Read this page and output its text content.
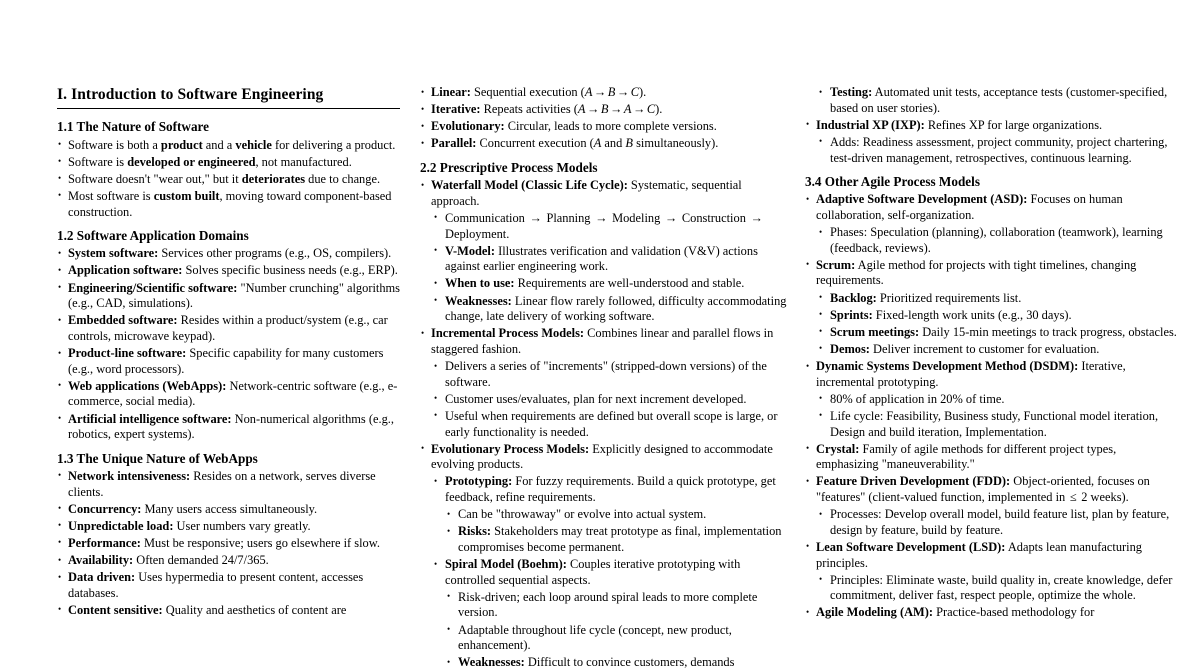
I. Introduction to Software Engineering
1.1 The Nature of Software
• Software is both a product and a vehicle for delivering a product.
• Software is developed or engineered, not manufactured.
• Software doesn't "wear out," but it deteriorates due to change.
• Most software is custom built, moving toward component-based construction.
1.2 Software Application Domains
• System software: Services other programs (e.g., OS, compilers).
• Application software: Solves specific business needs (e.g., ERP).
• Engineering/Scientific software: "Number crunching" algorithms (e.g., CAD, simulations).
• Embedded software: Resides within a product/system (e.g., car controls, microwave keypad).
• Product-line software: Specific capability for many customers (e.g., word processors).
• Web applications (WebApps): Network-centric software (e.g., e-commerce, social media).
• Artificial intelligence software: Non-numerical algorithms (e.g., robotics, expert systems).
1.3 The Unique Nature of WebApps
• Network intensiveness: Resides on a network, serves diverse clients.
• Concurrency: Many users access simultaneously.
• Unpredictable load: User numbers vary greatly.
• Performance: Must be responsive; users go elsewhere if slow.
• Availability: Often demanded 24/7/365.
• Data driven: Uses hypermedia to present content, accesses databases.
• Content sensitive: Quality and aesthetics of content are
• Linear: Sequential execution (A → B → C).
• Iterative: Repeats activities (A → B → A → C).
• Evolutionary: Circular, leads to more complete versions.
• Parallel: Concurrent execution (A and B simultaneously).
2.2 Prescriptive Process Models
• Waterfall Model (Classic Life Cycle): Systematic, sequential approach.
• Communication → Planning → Modeling → Construction → Deployment.
• V-Model: Illustrates verification and validation (V&V) actions against earlier engineering work.
• When to use: Requirements are well-understood and stable.
• Weaknesses: Linear flow rarely followed, difficulty accommodating change, late delivery of working software.
• Incremental Process Models: Combines linear and parallel flows in staggered fashion.
• Delivers a series of "increments" (stripped-down versions) of the software.
• Customer uses/evaluates, plan for next increment developed.
• Useful when requirements are defined but overall scope is large, or early functionality is needed.
• Evolutionary Process Models: Explicitly designed to accommodate evolving products.
• Prototyping: For fuzzy requirements. Build a quick prototype, get feedback, refine requirements.
• Can be "throwaway" or evolve into actual system.
• Risks: Stakeholders may treat prototype as final, implementation compromises become permanent.
• Spiral Model (Boehm): Couples iterative prototyping with controlled sequential aspects.
• Risk-driven; each loop around spiral leads to more complete version.
• Adaptable throughout life cycle (concept, new product, enhancement).
• Weaknesses: Difficult to convince customers, demands
• Testing: Automated unit tests, acceptance tests (customer-specified, based on user stories).
• Industrial XP (IXP): Refines XP for large organizations.
• Adds: Readiness assessment, project community, project chartering, test-driven management, retrospectives, continuous learning.
3.4 Other Agile Process Models
• Adaptive Software Development (ASD): Focuses on human collaboration, self-organization.
• Phases: Speculation (planning), collaboration (teamwork), learning (feedback, reviews).
• Scrum: Agile method for projects with tight timelines, changing requirements.
• Backlog: Prioritized requirements list.
• Sprints: Fixed-length work units (e.g., 30 days).
• Scrum meetings: Daily 15-min meetings to track progress, obstacles.
• Demos: Deliver increment to customer for evaluation.
• Dynamic Systems Development Method (DSDM): Iterative, incremental prototyping.
• 80% of application in 20% of time.
• Life cycle: Feasibility, Business study, Functional model iteration, Design and build iteration, Implementation.
• Crystal: Family of agile methods for different project types, emphasizing "maneuverability."
• Feature Driven Development (FDD): Object-oriented, focuses on "features" (client-valued function, implemented in ≤ 2 weeks).
• Processes: Develop overall model, build feature list, plan by feature, design by feature, build by feature.
• Lean Software Development (LSD): Adapts lean manufacturing principles.
• Principles: Eliminate waste, build quality in, create knowledge, defer commitment, deliver fast, respect people, optimize the whole.
• Agile Modeling (AM): Practice-based methodology for
